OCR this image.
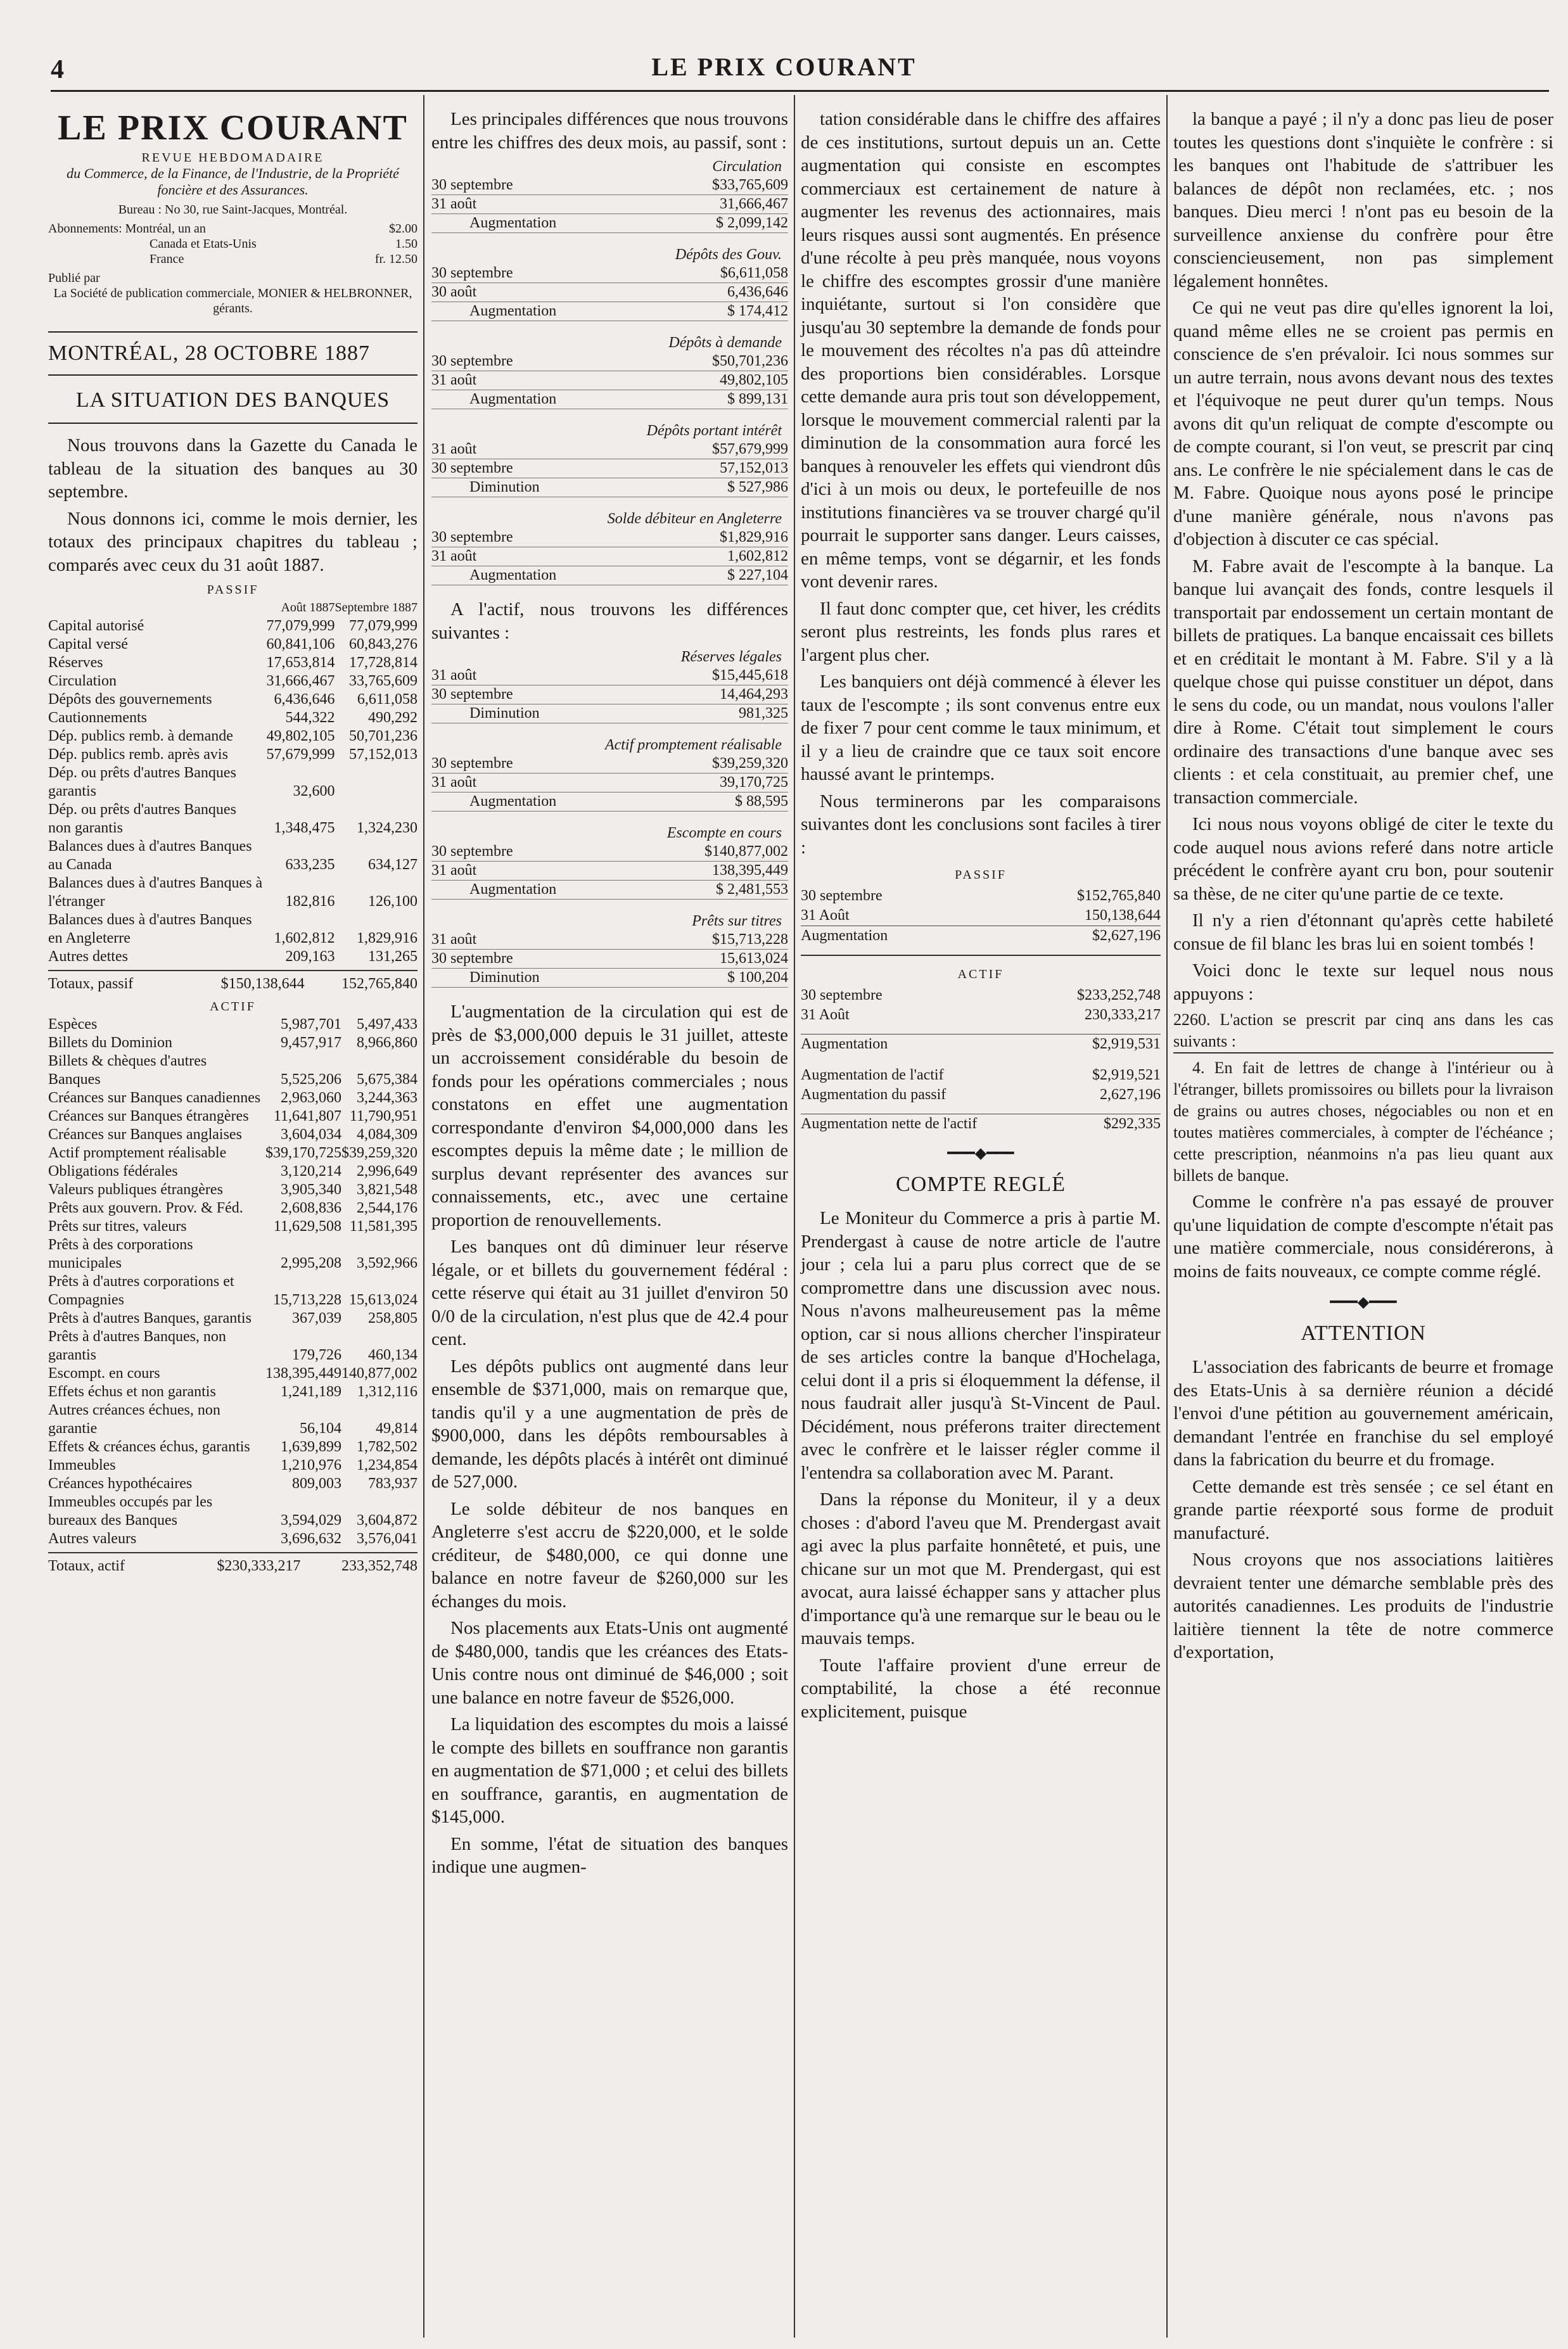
4	LE PRIX COURANT
LE PRIX COURANT
REVUE HEBDOMADAIRE
du Commerce, de la Finance, de l'Industrie, de la Propriété foncière et des Assurances.
Bureau : No 30, rue Saint-Jacques, Montréal.
Abonnements: Montréal, un an	$2.00
Canada et Etats-Unis	1.50
France	fr. 12.50
Publié par
La Société de publication commerciale, MONIER & HELBRONNER, gérants.
MONTRÉAL, 28 OCTOBRE 1887
LA SITUATION DES BANQUES

Nous trouvons dans la Gazette du Canada le tableau de la situation des banques au 30 septembre.

Nous donnons ici, comme le mois dernier, les totaux des principaux chapitres du tableau ; comparés avec ceux du 31 août 1887.

PASSIF
	Août 1887	Septembre 1887
Capital autorisé	77,079,999	77,079,999
Capital versé	60,841,106	60,843,276
Réserves	17,653,814	17,728,814
Circulation	31,666,467	33,765,609
Dépôts des gouvernements	6,436,646	6,611,058
Cautionnements	544,322	490,292
Dép. publics remb. à demande	49,802,105	50,701,236
Dép. publics remb. après avis	57,679,999	57,152,013
Dép. ou prêts d'autres Banques garantis	32,600	
Dép. ou prêts d'autres Banques non garantis	1,348,475	1,324,230
Balances dues à d'autres Banques au Canada	633,235	634,127
Balances dues à d'autres Banques à l'étranger	182,816	126,100
Balances dues à d'autres Banques en Angleterre	1,602,812	1,829,916
Autres dettes	209,163	131,265
Totaux, passif	$150,138,644	152,765,840
ACTIF
Espèces	5,987,701	5,497,433
Billets du Dominion	9,457,917	8,966,860
Billets & chèques d'autres Banques	5,525,206	5,675,384
Créances sur Banques canadiennes	2,963,060	3,244,363
Créances sur Banques étrangères	11,641,807	11,790,951
Créances sur Banques anglaises	3,604,034	4,084,309
Actif promptement réalisable	$39,170,725	$39,259,320
Obligations fédérales	3,120,214	2,996,649
Valeurs publiques étrangères	3,905,340	3,821,548
Prêts aux gouvern. Prov. & Féd.	2,608,836	2,544,176
Prêts sur titres, valeurs	11,629,508	11,581,395
Prêts à des corporations municipales	2,995,208	3,592,966
Prêts à d'autres corporations et Compagnies	15,713,228	15,613,024
Prêts à d'autres Banques, garantis	367,039	258,805
Prêts à d'autres Banques, non garantis	179,726	460,134
Escompt. en cours	138,395,449	140,877,002
Effets échus et non garantis	1,241,189	1,312,116
Autres créances échues, non garantie	56,104	49,814
Effets & créances échus, garantis	1,639,899	1,782,502
Immeubles	1,210,976	1,234,854
Créances hypothécaires	809,003	783,937
Immeubles occupés par les bureaux des Banques	3,594,029	3,604,872
Autres valeurs	3,696,632	3,576,041
Totaux, actif	$230,333,217	233,352,748

Les principales différences que nous trouvons entre les chiffres des deux mois, au passif, sont :

Circulation
30 septembre	$33,765,609
31 août	31,666,467
Augmentation	$ 2,099,142
Dépôts des Gouv.
30 septembre	$6,611,058
30 août	6,436,646
Augmentation	$ 174,412
Dépôts à demande
30 septembre	$50,701,236
31 août	49,802,105
Augmentation	$ 899,131
Dépôts portant intérêt
31 août	$57,679,999
30 septembre	57,152,013
Diminution	$ 527,986
Solde débiteur en Angleterre
30 septembre	$1,829,916
31 août	1,602,812
Augmentation	$ 227,104

A l'actif, nous trouvons les différences suivantes :

Réserves légales
31 août	$15,445,618
30 septembre	14,464,293
Diminution	981,325
Actif promptement réalisable
30 septembre	$39,259,320
31 août	39,170,725
Augmentation	$ 88,595
Escompte en cours
30 septembre	$140,877,002
31 août	138,395,449
Augmentation	$ 2,481,553
Prêts sur titres
31 août	$15,713,228
30 septembre	15,613,024
Diminution	$ 100,204

L'augmentation de la circulation qui est de près de $3,000,000 depuis le 31 juillet, atteste un accroissement considérable du besoin de fonds pour les opérations commerciales ; nous constatons en effet une augmentation correspondante d'environ $4,000,000 dans les escomptes depuis la même date ; le million de surplus devant représenter des avances sur connaissements, etc., avec une certaine proportion de renouvellements.

Les banques ont dû diminuer leur réserve légale, or et billets du gouvernement fédéral : cette réserve qui était au 31 juillet d'environ 50 0/0 de la circulation, n'est plus que de 42.4 pour cent.

Les dépôts publics ont augmenté dans leur ensemble de $371,000, mais on remarque que, tandis qu'il y a une augmentation de près de $900,000, dans les dépôts remboursables à demande, les dépôts placés à intérêt ont diminué de 527,000.

Le solde débiteur de nos banques en Angleterre s'est accru de $220,000, et le solde créditeur, de $480,000, ce qui donne une balance en notre faveur de $260,000 sur les échanges du mois.

Nos placements aux Etats-Unis ont augmenté de $480,000, tandis que les créances des Etats-Unis contre nous ont diminué de $46,000 ; soit une balance en notre faveur de $526,000.

La liquidation des escomptes du mois a laissé le compte des billets en souffrance non garantis en augmentation de $71,000 ; et celui des billets en souffrance, garantis, en augmentation de $145,000.

En somme, l'état de situation des banques indique une augmen-

tation considérable dans le chiffre des affaires de ces institutions, surtout depuis un an. Cette augmentation qui consiste en escomptes commerciaux est certainement de nature à augmenter les revenus des actionnaires, mais leurs risques aussi sont augmentés. En présence d'une récolte à peu près manquée, nous voyons le chiffre des escomptes grossir d'une manière inquiétante, surtout si l'on considère que jusqu'au 30 septembre la demande de fonds pour le mouvement des récoltes n'a pas dû atteindre des proportions bien considérables. Lorsque cette demande aura pris tout son développement, lorsque le mouvement commercial ralenti par la diminution de la consommation aura forcé les banques à renouveler les effets qui viendront dûs d'ici à un mois ou deux, le portefeuille de nos institutions financières va se trouver chargé qu'il pourrait le supporter sans danger. Leurs caisses, en même temps, vont se dégarnir, et les fonds vont devenir rares.

Il faut donc compter que, cet hiver, les crédits seront plus restreints, les fonds plus rares et l'argent plus cher.

Les banquiers ont déjà commencé à élever les taux de l'escompte ; ils sont convenus entre eux de fixer 7 pour cent comme le taux minimum, et il y a lieu de craindre que ce taux soit encore haussé avant le printemps.

Nous terminerons par les comparaisons suivantes dont les conclusions sont faciles à tirer :

PASSIF
30 septembre	$152,765,840
31 Août	150,138,644
Augmentation	$2,627,196
ACTIF
30 septembre	$233,252,748
31 Août	230,333,217
Augmentation	$2,919,531
Augmentation de l'actif	$2,919,521
Augmentation du passif	2,627,196
Augmentation nette de l'actif	$292,335
━━━◆━━━
COMPTE REGLÉ

Le Moniteur du Commerce a pris à partie M. Prendergast à cause de notre article de l'autre jour ; cela lui a paru plus correct que de se compromettre dans une discussion avec nous. Nous n'avons malheureusement pas la même option, car si nous allions chercher l'inspirateur de ses articles contre la banque d'Hochelaga, celui dont il a pris si éloquemment la défense, il nous faudrait aller jusqu'à St-Vincent de Paul. Décidément, nous préferons traiter directement avec le confrère et le laisser régler comme il l'entendra sa collaboration avec M. Parant.

Dans la réponse du Moniteur, il y a deux choses : d'abord l'aveu que M. Prendergast avait agi avec la plus parfaite honnêteté, et puis, une chicane sur un mot que M. Prendergast, qui est avocat, aura laissé échapper sans y attacher plus d'importance qu'à une remarque sur le beau ou le mauvais temps.

Toute l'affaire provient d'une erreur de comptabilité, la chose a été reconnue explicitement, puisque

la banque a payé ; il n'y a donc pas lieu de poser toutes les questions dont s'inquiète le confrère : si les banques ont l'habitude de s'attribuer les balances de dépôt non reclamées, etc. ; nos banques. Dieu merci ! n'ont pas eu besoin de la surveillence anxiense du confrère pour être consciencieusement, non pas simplement légalement honnêtes.

Ce qui ne veut pas dire qu'elles ignorent la loi, quand même elles ne se croient pas permis en conscience de s'en prévaloir. Ici nous sommes sur un autre terrain, nous avons devant nous des textes et l'équivoque ne peut durer qu'un temps. Nous avons dit qu'un reliquat de compte d'escompte ou de compte courant, si l'on veut, se prescrit par cinq ans. Le confrère le nie spécialement dans le cas de M. Fabre. Quoique nous ayons posé le principe d'une manière générale, nous n'avons pas d'objection à discuter ce cas spécial.

M. Fabre avait de l'escompte à la banque. La banque lui avançait des fonds, contre lesquels il transportait par endossement un certain montant de billets de pratiques. La banque encaissait ces billets et en créditait le montant à M. Fabre. S'il y a là quelque chose qui puisse constituer un dépot, dans le sens du code, ou un mandat, nous voulons l'aller dire à Rome. C'était tout simplement le cours ordinaire des transactions d'une banque avec ses clients : et cela constituait, au premier chef, une transaction commerciale.

Ici nous nous voyons obligé de citer le texte du code auquel nous avions referé dans notre article précédent le confrère ayant cru bon, pour soutenir sa thèse, de ne citer qu'une partie de ce texte.

Il n'y a rien d'étonnant qu'après cette habileté consue de fil blanc les bras lui en soient tombés !

Voici donc le texte sur lequel nous nous appuyons :

2260. L'action se prescrit par cinq ans dans les cas suivants :

4. En fait de lettres de change à l'intérieur ou à l'étranger, billets promissoires ou billets pour la livraison de grains ou autres choses, négociables ou non et en toutes matières commerciales, à compter de l'échéance ; cette prescription, néanmoins n'a pas lieu quant aux billets de banque.

Comme le confrère n'a pas essayé de prouver qu'une liquidation de compte d'escompte n'était pas une matière commerciale, nous considérerons, à moins de faits nouveaux, ce compte comme réglé.

━━━◆━━━
ATTENTION

L'association des fabricants de beurre et fromage des Etats-Unis à sa dernière réunion a décidé l'envoi d'une pétition au gouvernement américain, demandant l'entrée en franchise du sel employé dans la fabrication du beurre et du fromage.

Cette demande est très sensée ; ce sel étant en grande partie réexporté sous forme de produit manufacturé.

Nous croyons que nos associations laitières devraient tenter une démarche semblable près des autorités canadiennes. Les produits de l'industrie laitière tiennent la tête de notre commerce d'exportation,
